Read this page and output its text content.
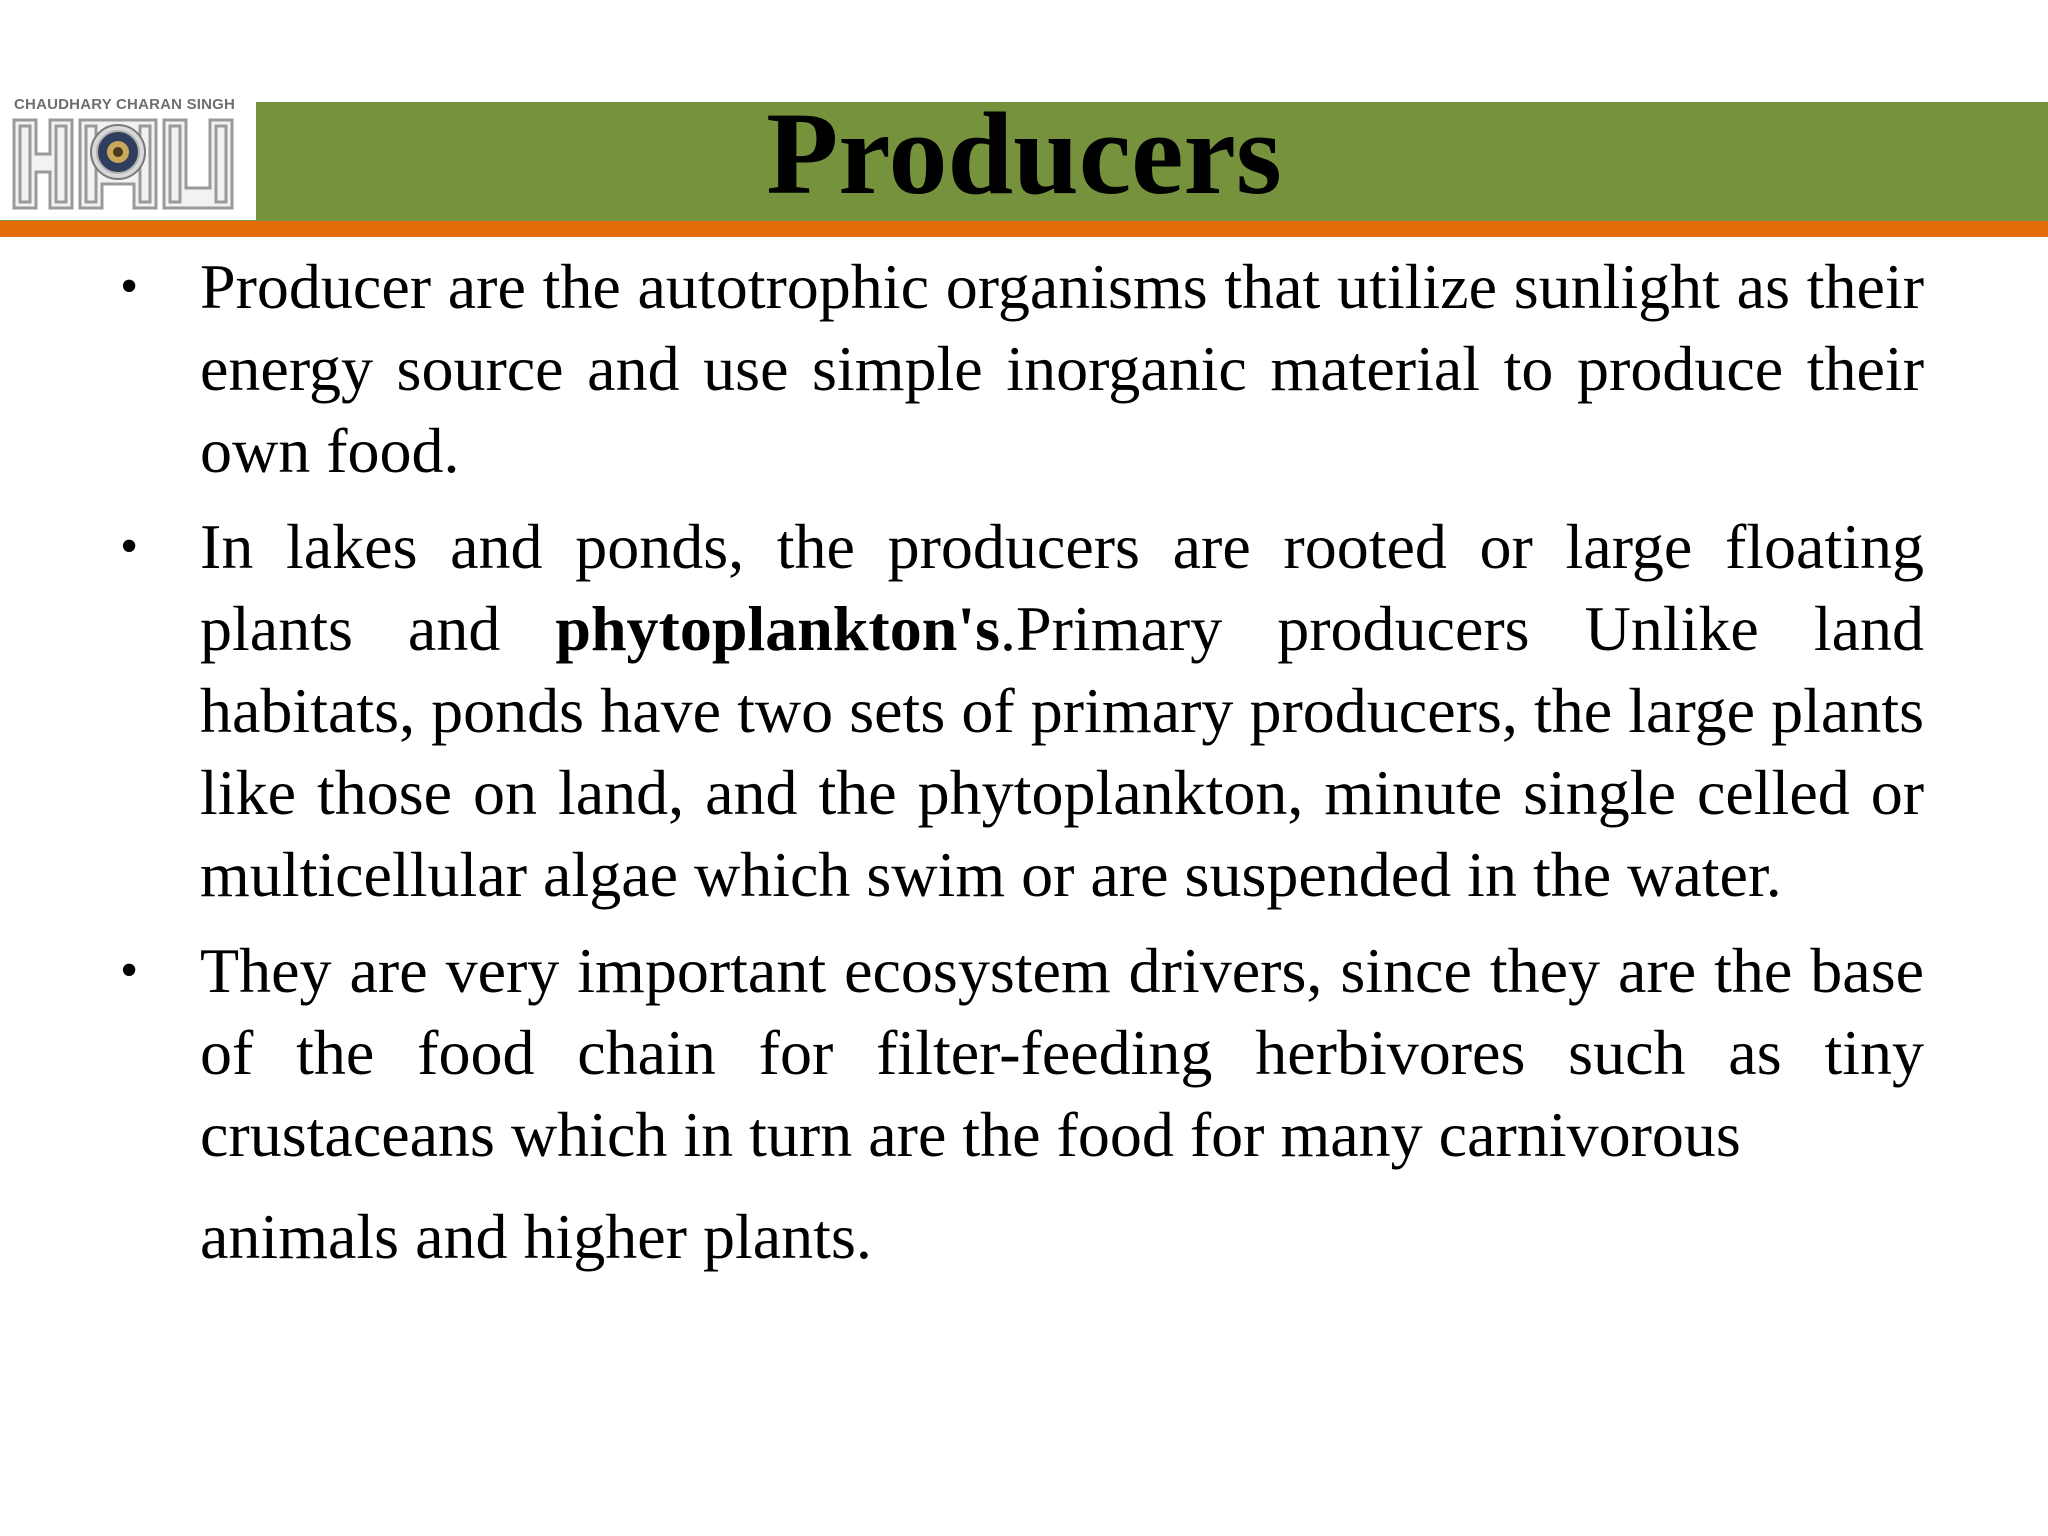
CHAUDHARY CHARAN SINGH	Producers
• Producer are the autotrophic organisms that utilize sunlight as their energy source and use simple inorganic material to produce their own food.
• In lakes and ponds, the producers are rooted or large floating plants and phytoplankton's.Primary producers Unlike land habitats, ponds have two sets of primary producers, the large plants like those on land, and the phytoplankton, minute single celled or multicellular algae which swim or are suspended in the water.
• They are very important ecosystem drivers, since they are the base of the food chain for filter-feeding herbivores such as tiny crustaceans which in turn are the food for many carnivorous
animals and higher plants.
